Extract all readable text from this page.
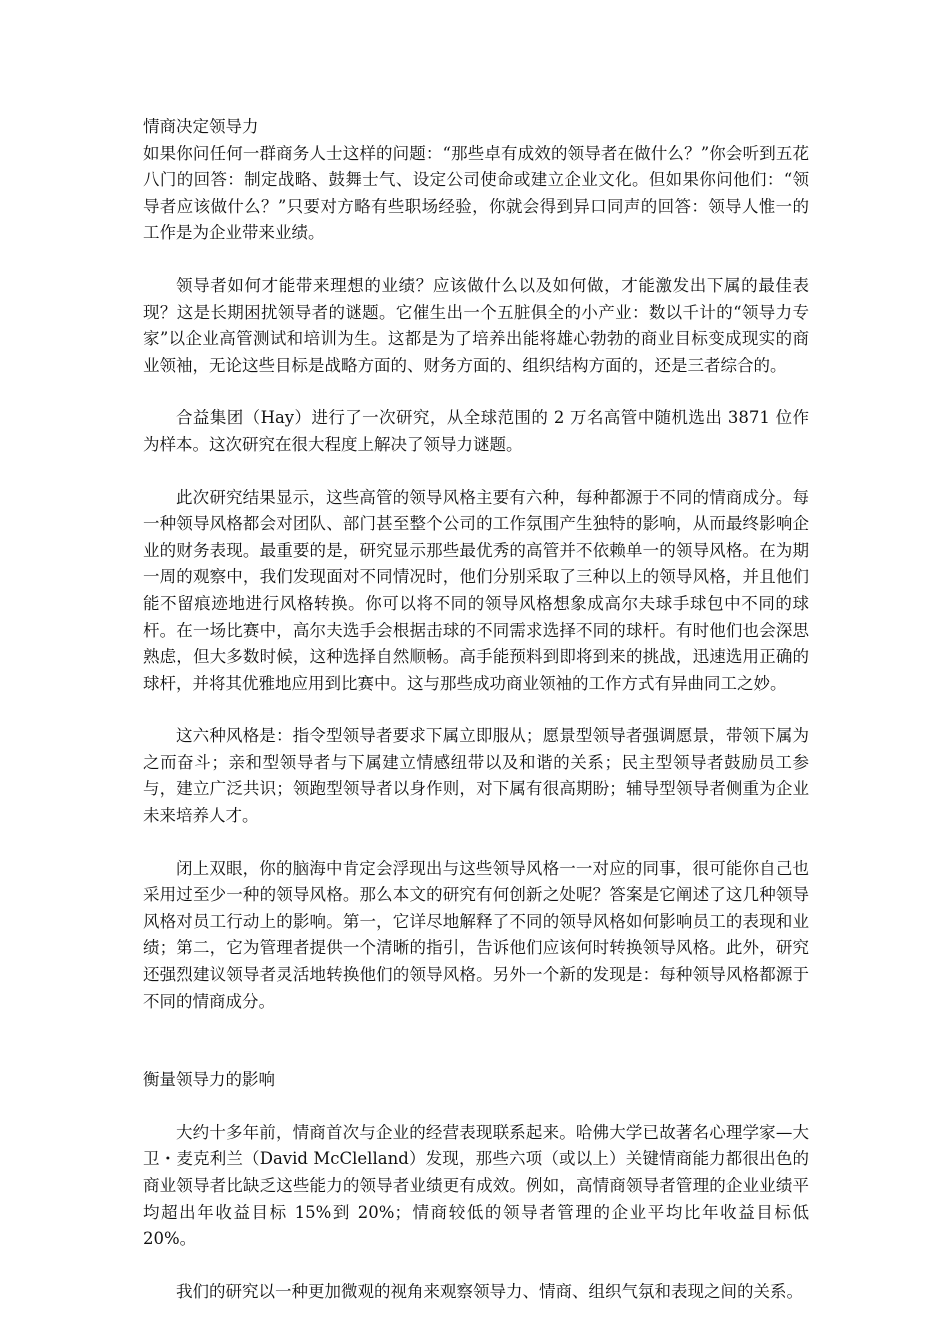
情商决定领导力

如果你问任何一群商务人士这样的问题：“那些卓有成效的领导者在做什么？”你会听到五花八门的回答：制定战略、鼓舞士气、设定公司使命或建立企业文化。但如果你问他们：“领导者应该做什么？”只要对方略有些职场经验，你就会得到异口同声的回答：领导人惟一的工作是为企业带来业绩。

领导者如何才能带来理想的业绩？应该做什么以及如何做，才能激发出下属的最佳表现？这是长期困扰领导者的谜题。它催生出一个五脏俱全的小产业：数以千计的“领导力专家”以企业高管测试和培训为生。这都是为了培养出能将雄心勃勃的商业目标变成现实的商业领袖，无论这些目标是战略方面的、财务方面的、组织结构方面的，还是三者综合的。

合益集团（Hay）进行了一次研究，从全球范围的 2 万名高管中随机选出 3871 位作为样本。这次研究在很大程度上解决了领导力谜题。

此次研究结果显示，这些高管的领导风格主要有六种，每种都源于不同的情商成分。每一种领导风格都会对团队、部门甚至整个公司的工作氛围产生独特的影响，从而最终影响企业的财务表现。最重要的是，研究显示那些最优秀的高管并不依赖单一的领导风格。在为期一周的观察中，我们发现面对不同情况时，他们分别采取了三种以上的领导风格，并且他们能不留痕迹地进行风格转换。你可以将不同的领导风格想象成高尔夫球手球包中不同的球杆。在一场比赛中，高尔夫选手会根据击球的不同需求选择不同的球杆。有时他们也会深思熟虑，但大多数时候，这种选择自然顺畅。高手能预料到即将到来的挑战，迅速选用正确的球杆，并将其优雅地应用到比赛中。这与那些成功商业领袖的工作方式有异曲同工之妙。

这六种风格是：指令型领导者要求下属立即服从；愿景型领导者强调愿景，带领下属为之而奋斗；亲和型领导者与下属建立情感纽带以及和谐的关系；民主型领导者鼓励员工参与，建立广泛共识；领跑型领导者以身作则，对下属有很高期盼；辅导型领导者侧重为企业未来培养人才。

闭上双眼，你的脑海中肯定会浮现出与这些领导风格一一对应的同事，很可能你自己也采用过至少一种的领导风格。那么本文的研究有何创新之处呢？答案是它阐述了这几种领导风格对员工行动上的影响。第一，它详尽地解释了不同的领导风格如何影响员工的表现和业绩；第二，它为管理者提供一个清晰的指引，告诉他们应该何时转换领导风格。此外，研究还强烈建议领导者灵活地转换他们的领导风格。另外一个新的发现是：每种领导风格都源于不同的情商成分。

衡量领导力的影响

大约十多年前，情商首次与企业的经营表现联系起来。哈佛大学已故著名心理学家—大卫・麦克利兰（David McClelland）发现，那些六项（或以上）关键情商能力都很出色的商业领导者比缺乏这些能力的领导者业绩更有成效。例如，高情商领导者管理的企业业绩平均超出年收益目标 15%到 20%；情商较低的领导者管理的企业平均比年收益目标低 20%。

我们的研究以一种更加微观的视角来观察领导力、情商、组织气氛和表现之间的关系。
